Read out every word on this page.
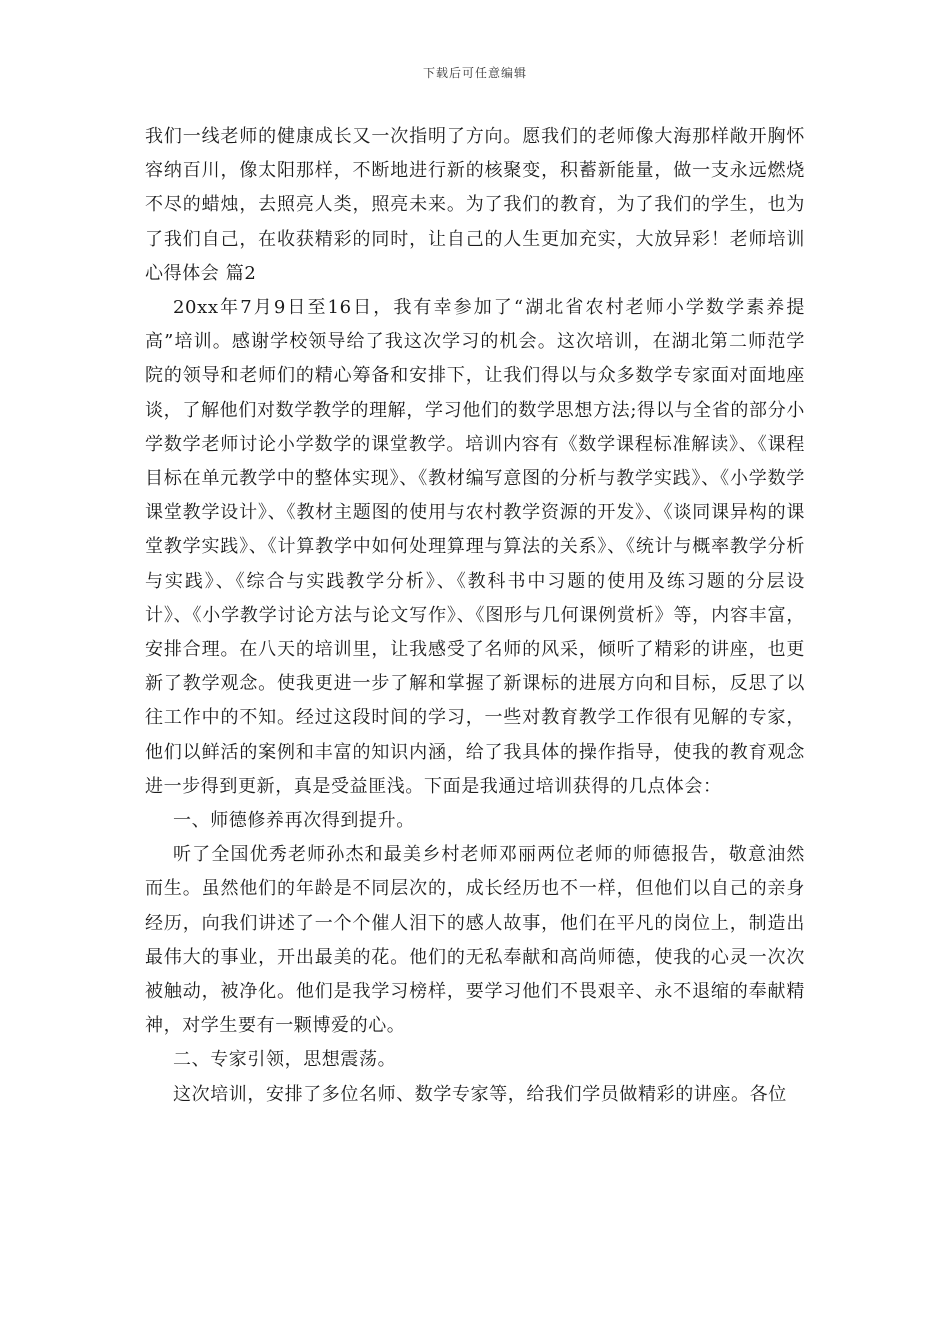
下载后可任意编辑

我们一线老师的健康成长又一次指明了方向。愿我们的老师像大海那样敞开胸怀容纳百川，像太阳那样，不断地进行新的核聚变，积蓄新能量，做一支永远燃烧不尽的蜡烛，去照亮人类，照亮未来。为了我们的教育，为了我们的学生，也为了我们自己，在收获精彩的同时，让自己的人生更加充实，大放异彩！老师培训心得体会 篇2

20xx年7月9日至16日，我有幸参加了“湖北省农村老师小学数学素养提高”培训。感谢学校领导给了我这次学习的机会。这次培训，在湖北第二师范学院的领导和老师们的精心筹备和安排下，让我们得以与众多数学专家面对面地座谈，了解他们对数学教学的理解，学习他们的数学思想方法;得以与全省的部分小学数学老师讨论小学数学的课堂教学。培训内容有《数学课程标准解读》、《课程目标在单元教学中的整体实现》、《教材编写意图的分析与教学实践》、《小学数学课堂教学设计》、《教材主题图的使用与农村教学资源的开发》、《谈同课异构的课堂教学实践》、《计算教学中如何处理算理与算法的关系》、《统计与概率教学分析与实践》、《综合与实践教学分析》、《教科书中习题的使用及练习题的分层设计》、《小学教学讨论方法与论文写作》、《图形与几何课例赏析》等，内容丰富，安排合理。在八天的培训里，让我感受了名师的风采，倾听了精彩的讲座，也更新了教学观念。使我更进一步了解和掌握了新课标的进展方向和目标，反思了以往工作中的不知。经过这段时间的学习，一些对教育教学工作很有见解的专家，他们以鲜活的案例和丰富的知识内涵，给了我具体的操作指导，使我的教育观念进一步得到更新，真是受益匪浅。下面是我通过培训获得的几点体会：

一、师德修养再次得到提升。

听了全国优秀老师孙杰和最美乡村老师邓丽两位老师的师德报告，敬意油然而生。虽然他们的年龄是不同层次的，成长经历也不一样，但他们以自己的亲身经历，向我们讲述了一个个催人泪下的感人故事，他们在平凡的岗位上，制造出最伟大的事业，开出最美的花。他们的无私奉献和高尚师德，使我的心灵一次次被触动，被净化。他们是我学习榜样，要学习他们不畏艰辛、永不退缩的奉献精神，对学生要有一颗博爱的心。

二、专家引领，思想震荡。

这次培训，安排了多位名师、数学专家等，给我们学员做精彩的讲座。各位
